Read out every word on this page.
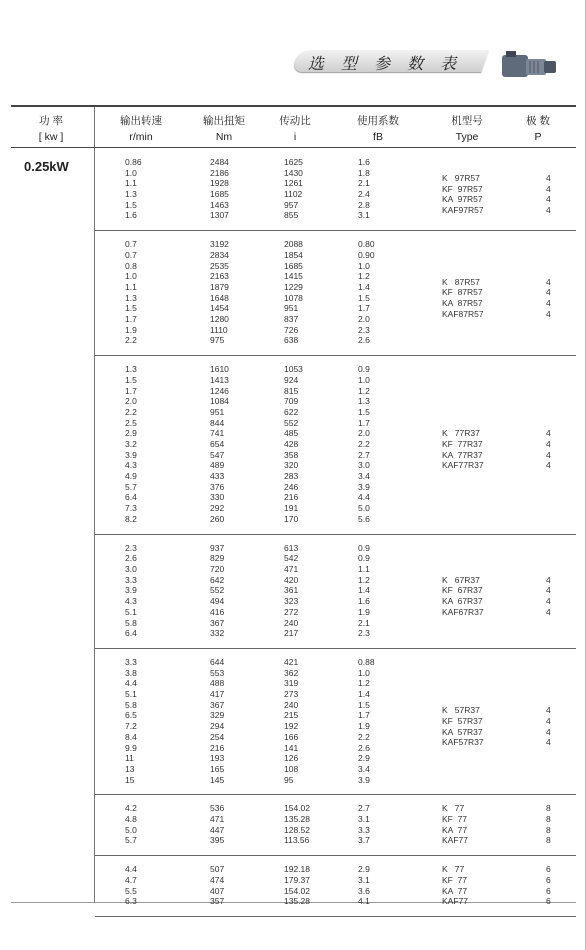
选 型 参 数 表
功 率
[ kw ]
输出转速
r/min
输出扭矩
Nm
传动比
i
使用系数
fB
机型号
Type
极 数
P
0.25kW	0.86
1.0
1.1
1.3
1.5
1.6
2484
2186
1928
1685
1463
1307
1625
1430
1261
1102
957
855
1.6
1.8
2.1
2.4
2.8
3.1
K   97R57
KF  97R57
KA  97R57
KAF97R57
4
4
4
4
0.7
0.7
0.8
1.0
1.1
1.3
1.5
1.7
1.9
2.2
3192
2834
2535
2163
1879
1648
1454
1280
1110
975
2088
1854
1685
1415
1229
1078
951
837
726
638
0.80
0.90
1.0
1.2
1.4
1.5
1.7
2.0
2.3
2.6
K   87R57
KF  87R57
KA  87R57
KAF87R57
4
4
4
4
1.3
1.5
1.7
2.0
2.2
2.5
2.9
3.2
3.9
4.3
4.9
5.7
6.4
7.3
8.2
1610
1413
1246
1084
951
844
741
654
547
489
433
376
330
292
260
1053
924
815
709
622
552
485
428
358
320
283
246
216
191
170
0.9
1.0
1.2
1.3
1.5
1.7
2.0
2.2
2.7
3.0
3.4
3.9
4.4
5.0
5.6
K   77R37
KF  77R37
KA  77R37
KAF77R37
4
4
4
4
2.3
2.6
3.0
3.3
3.9
4.3
5.1
5.8
6.4
937
829
720
642
552
494
416
367
332
613
542
471
420
361
323
272
240
217
0.9
0.9
1.1
1.2
1.4
1.6
1.9
2.1
2.3
K   67R37
KF  67R37
KA  67R37
KAF67R37
4
4
4
4
3.3
3.8
4.4
5.1
5.8
6.5
7.2
8.4
9.9
11
13
15
644
553
488
417
367
329
294
254
216
193
165
145
421
362
319
273
240
215
192
166
141
126
108
95
0.88
1.0
1.2
1.4
1.5
1.7
1.9
2.2
2.6
2.9
3.4
3.9
K   57R37
KF  57R37
KA  57R37
KAF57R37
4
4
4
4
4.2
4.8
5.0
5.7
536
471
447
395
154.02
135.28
128.52
113.56
2.7
3.1
3.3
3.7
K   77
KF  77
KA  77
KAF77
8
8
8
8
4.4
4.7
5.5
6.3
507
474
407
357
192.18
179.37
154.02
135.28
2.9
3.1
3.6
4.1
K   77
KF  77
KA  77
KAF77
6
6
6
6
